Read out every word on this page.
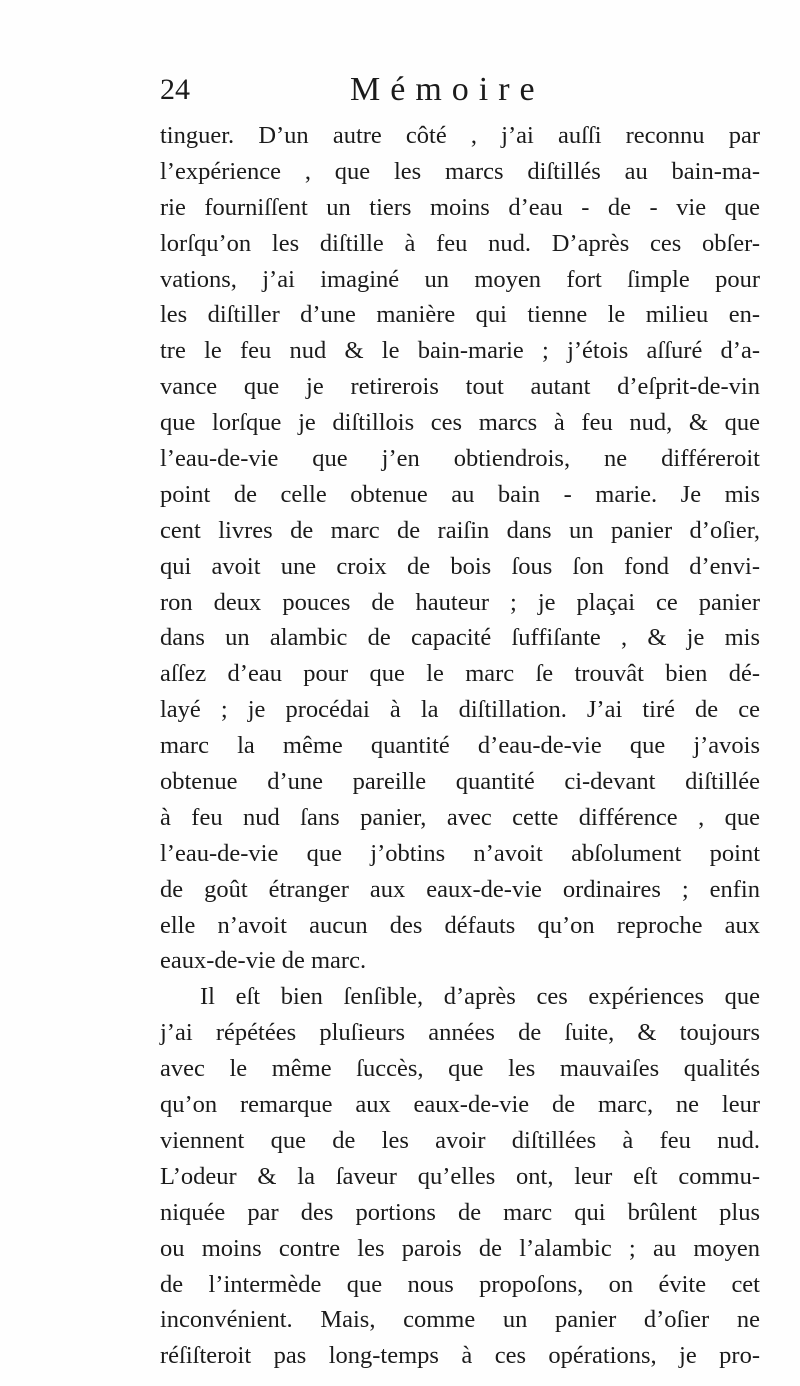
24	Mémoire
tinguer. D’un autre côté , j’ai auſſi reconnu par
l’expérience , que les marcs diſtillés au bain-ma-
rie fourniſſent un tiers moins d’eau - de - vie que
lorſqu’on les diſtille à feu nud. D’après ces obſer-
vations, j’ai imaginé un moyen fort ſimple pour
les diſtiller d’une manière qui tienne le milieu en-
tre le feu nud & le bain-marie ; j’étois aſſuré d’a-
vance que je retirerois tout autant d’eſprit-de-vin
que lorſque je diſtillois ces marcs à feu nud, & que
l’eau-de-vie que j’en obtiendrois, ne différeroit
point de celle obtenue au bain - marie. Je mis
cent livres de marc de raiſin dans un panier d’oſier,
qui avoit une croix de bois ſous ſon fond d’envi-
ron deux pouces de hauteur ; je plaçai ce panier
dans un alambic de capacité ſuffiſante , & je mis
aſſez d’eau pour que le marc ſe trouvât bien dé-
layé ; je procédai à la diſtillation. J’ai tiré de ce
marc la même quantité d’eau-de-vie que j’avois
obtenue d’une pareille quantité ci-devant diſtillée
à feu nud ſans panier, avec cette différence , que
l’eau-de-vie que j’obtins n’avoit abſolument point
de goût étranger aux eaux-de-vie ordinaires ; enfin
elle n’avoit aucun des défauts qu’on reproche aux
eaux-de-vie de marc.
Il eſt bien ſenſible, d’après ces expériences que
j’ai répétées pluſieurs années de ſuite, & toujours
avec le même ſuccès, que les mauvaiſes qualités
qu’on remarque aux eaux-de-vie de marc, ne leur
viennent que de les avoir diſtillées à feu nud.
L’odeur & la ſaveur qu’elles ont, leur eſt commu-
niquée par des portions de marc qui brûlent plus
ou moins contre les parois de l’alambic ; au moyen
de l’intermède que nous propoſons, on évite cet
inconvénient. Mais, comme un panier d’oſier ne
réſiſteroit pas long-temps à ces opérations, je pro-
